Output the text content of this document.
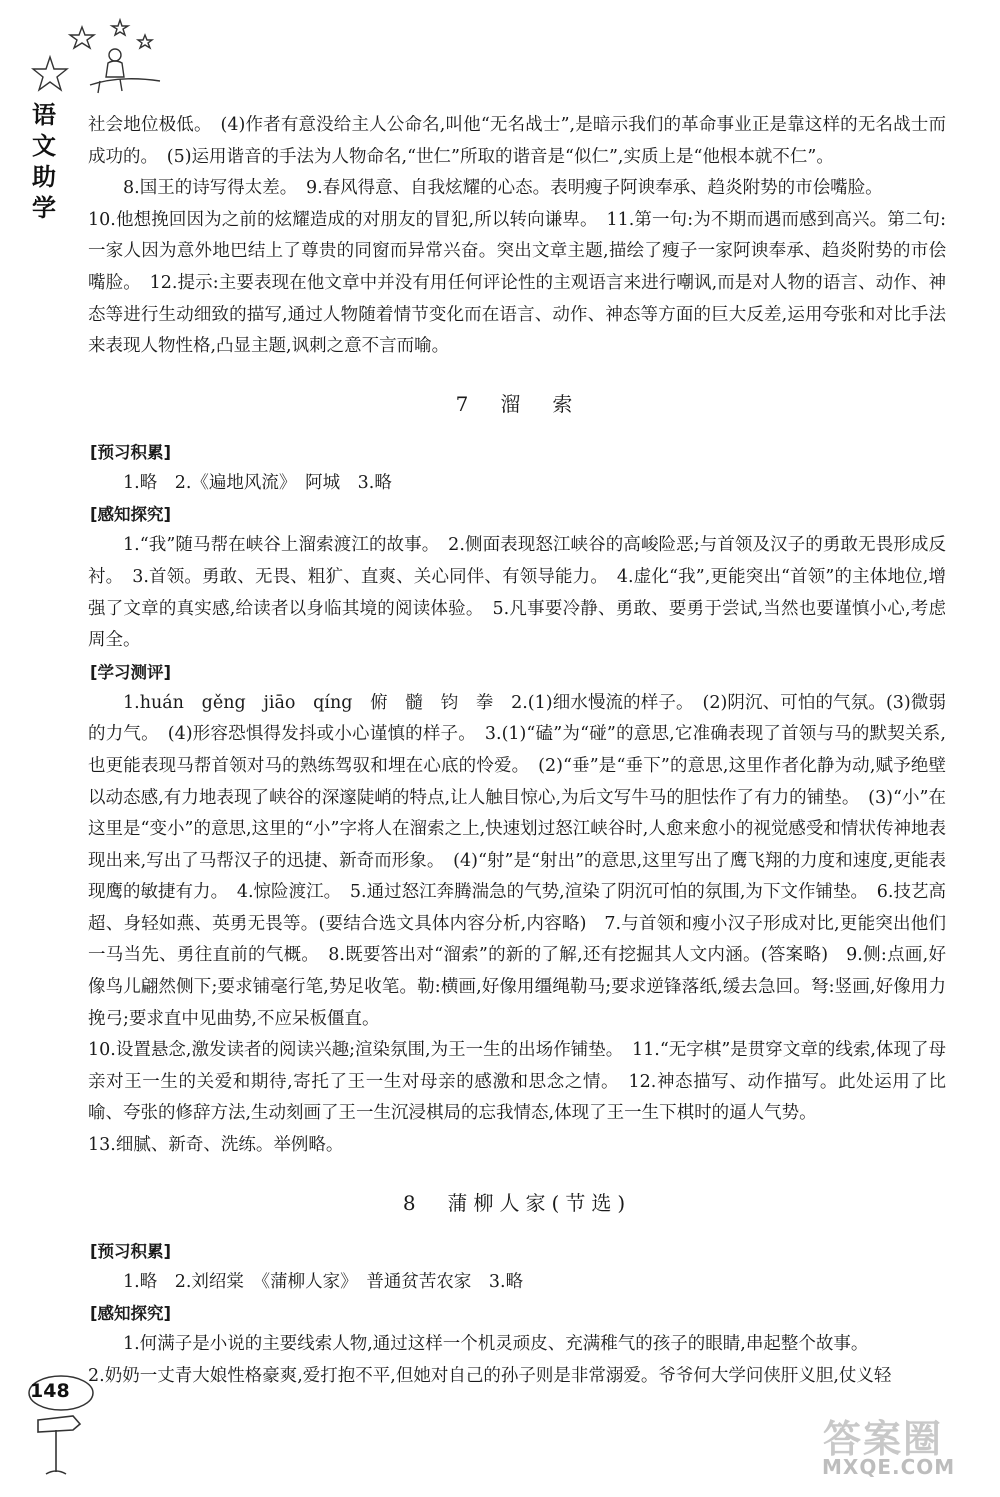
语
文
助
学

社会地位极低。　(4)作者有意没给主人公命名,叫他“无名战士”,是暗示我们的革命事业正是靠这样的无名战士而成功的。　(5)运用谐音的手法为人物命名,“世仁”所取的谐音是“似仁”,实质上是“他根本就不仁”。

8.国王的诗写得太差。　9.春风得意、自我炫耀的心态。表明瘦子阿谀奉承、趋炎附势的市侩嘴脸。

10.他想挽回因为之前的炫耀造成的对朋友的冒犯,所以转向谦卑。　11.第一句:为不期而遇而感到高兴。第二句:一家人因为意外地巴结上了尊贵的同窗而异常兴奋。突出文章主题,描绘了瘦子一家阿谀奉承、趋炎附势的市侩嘴脸。　12.提示:主要表现在他文章中并没有用任何评论性的主观语言来进行嘲讽,而是对人物的语言、动作、神态等进行生动细致的描写,通过人物随着情节变化而在语言、动作、神态等方面的巨大反差,运用夸张和对比手法来表现人物性格,凸显主题,讽刺之意不言而喻。

7　溜　索

[预习积累]

1.略　2.《遍地风流》　阿城　3.略

[感知探究]

1.“我”随马帮在峡谷上溜索渡江的故事。　2.侧面表现怒江峡谷的高峻险恶;与首领及汉子的勇敢无畏形成反衬。　3.首领。勇敢、无畏、粗犷、直爽、关心同伴、有领导能力。　4.虚化“我”,更能突出“首领”的主体地位,增强了文章的真实感,给读者以身临其境的阅读体验。　5.凡事要冷静、勇敢、要勇于尝试,当然也要谨慎小心,考虑周全。

[学习测评]

1.huán　gěng　jiāo　qíng　俯　髓　钧　拳　2.(1)细水慢流的样子。　(2)阴沉、可怕的气氛。(3)微弱的力气。　(4)形容恐惧得发抖或小心谨慎的样子。　3.(1)“磕”为“碰”的意思,它准确表现了首领与马的默契关系,也更能表现马帮首领对马的熟练驾驭和埋在心底的怜爱。　(2)“垂”是“垂下”的意思,这里作者化静为动,赋予绝壁以动态感,有力地表现了峡谷的深邃陡峭的特点,让人触目惊心,为后文写牛马的胆怯作了有力的铺垫。　(3)“小”在这里是“变小”的意思,这里的“小”字将人在溜索之上,快速划过怒江峡谷时,人愈来愈小的视觉感受和情状传神地表现出来,写出了马帮汉子的迅捷、新奇而形象。　(4)“射”是“射出”的意思,这里写出了鹰飞翔的力度和速度,更能表现鹰的敏捷有力。　4.惊险渡江。　5.通过怒江奔腾湍急的气势,渲染了阴沉可怕的氛围,为下文作铺垫。　6.技艺高超、身轻如燕、英勇无畏等。(要结合选文具体内容分析,内容略)　7.与首领和瘦小汉子形成对比,更能突出他们一马当先、勇往直前的气概。　8.既要答出对“溜索”的新的了解,还有挖掘其人文内涵。(答案略)　9.侧:点画,好像鸟儿翩然侧下;要求铺毫行笔,势足收笔。勒:横画,好像用缰绳勒马;要求逆锋落纸,缓去急回。弩:竖画,好像用力挽弓;要求直中见曲势,不应呆板僵直。

10.设置悬念,激发读者的阅读兴趣;渲染氛围,为王一生的出场作铺垫。　11.“无字棋”是贯穿文章的线索,体现了母亲对王一生的关爱和期待,寄托了王一生对母亲的感激和思念之情。　12.神态描写、动作描写。此处运用了比喻、夸张的修辞方法,生动刻画了王一生沉浸棋局的忘我情态,体现了王一生下棋时的逼人气势。

13.细腻、新奇、洗练。举例略。

8　蒲柳人家(节选)

[预习积累]

1.略　2.刘绍棠　《蒲柳人家》　普通贫苦农家　3.略

[感知探究]

1.何满子是小说的主要线索人物,通过这样一个机灵顽皮、充满稚气的孩子的眼睛,串起整个故事。

2.奶奶一丈青大娘性格豪爽,爱打抱不平,但她对自己的孙子则是非常溺爱。爷爷何大学问侠肝义胆,仗义轻

148
答案圈
MXQE.COM
